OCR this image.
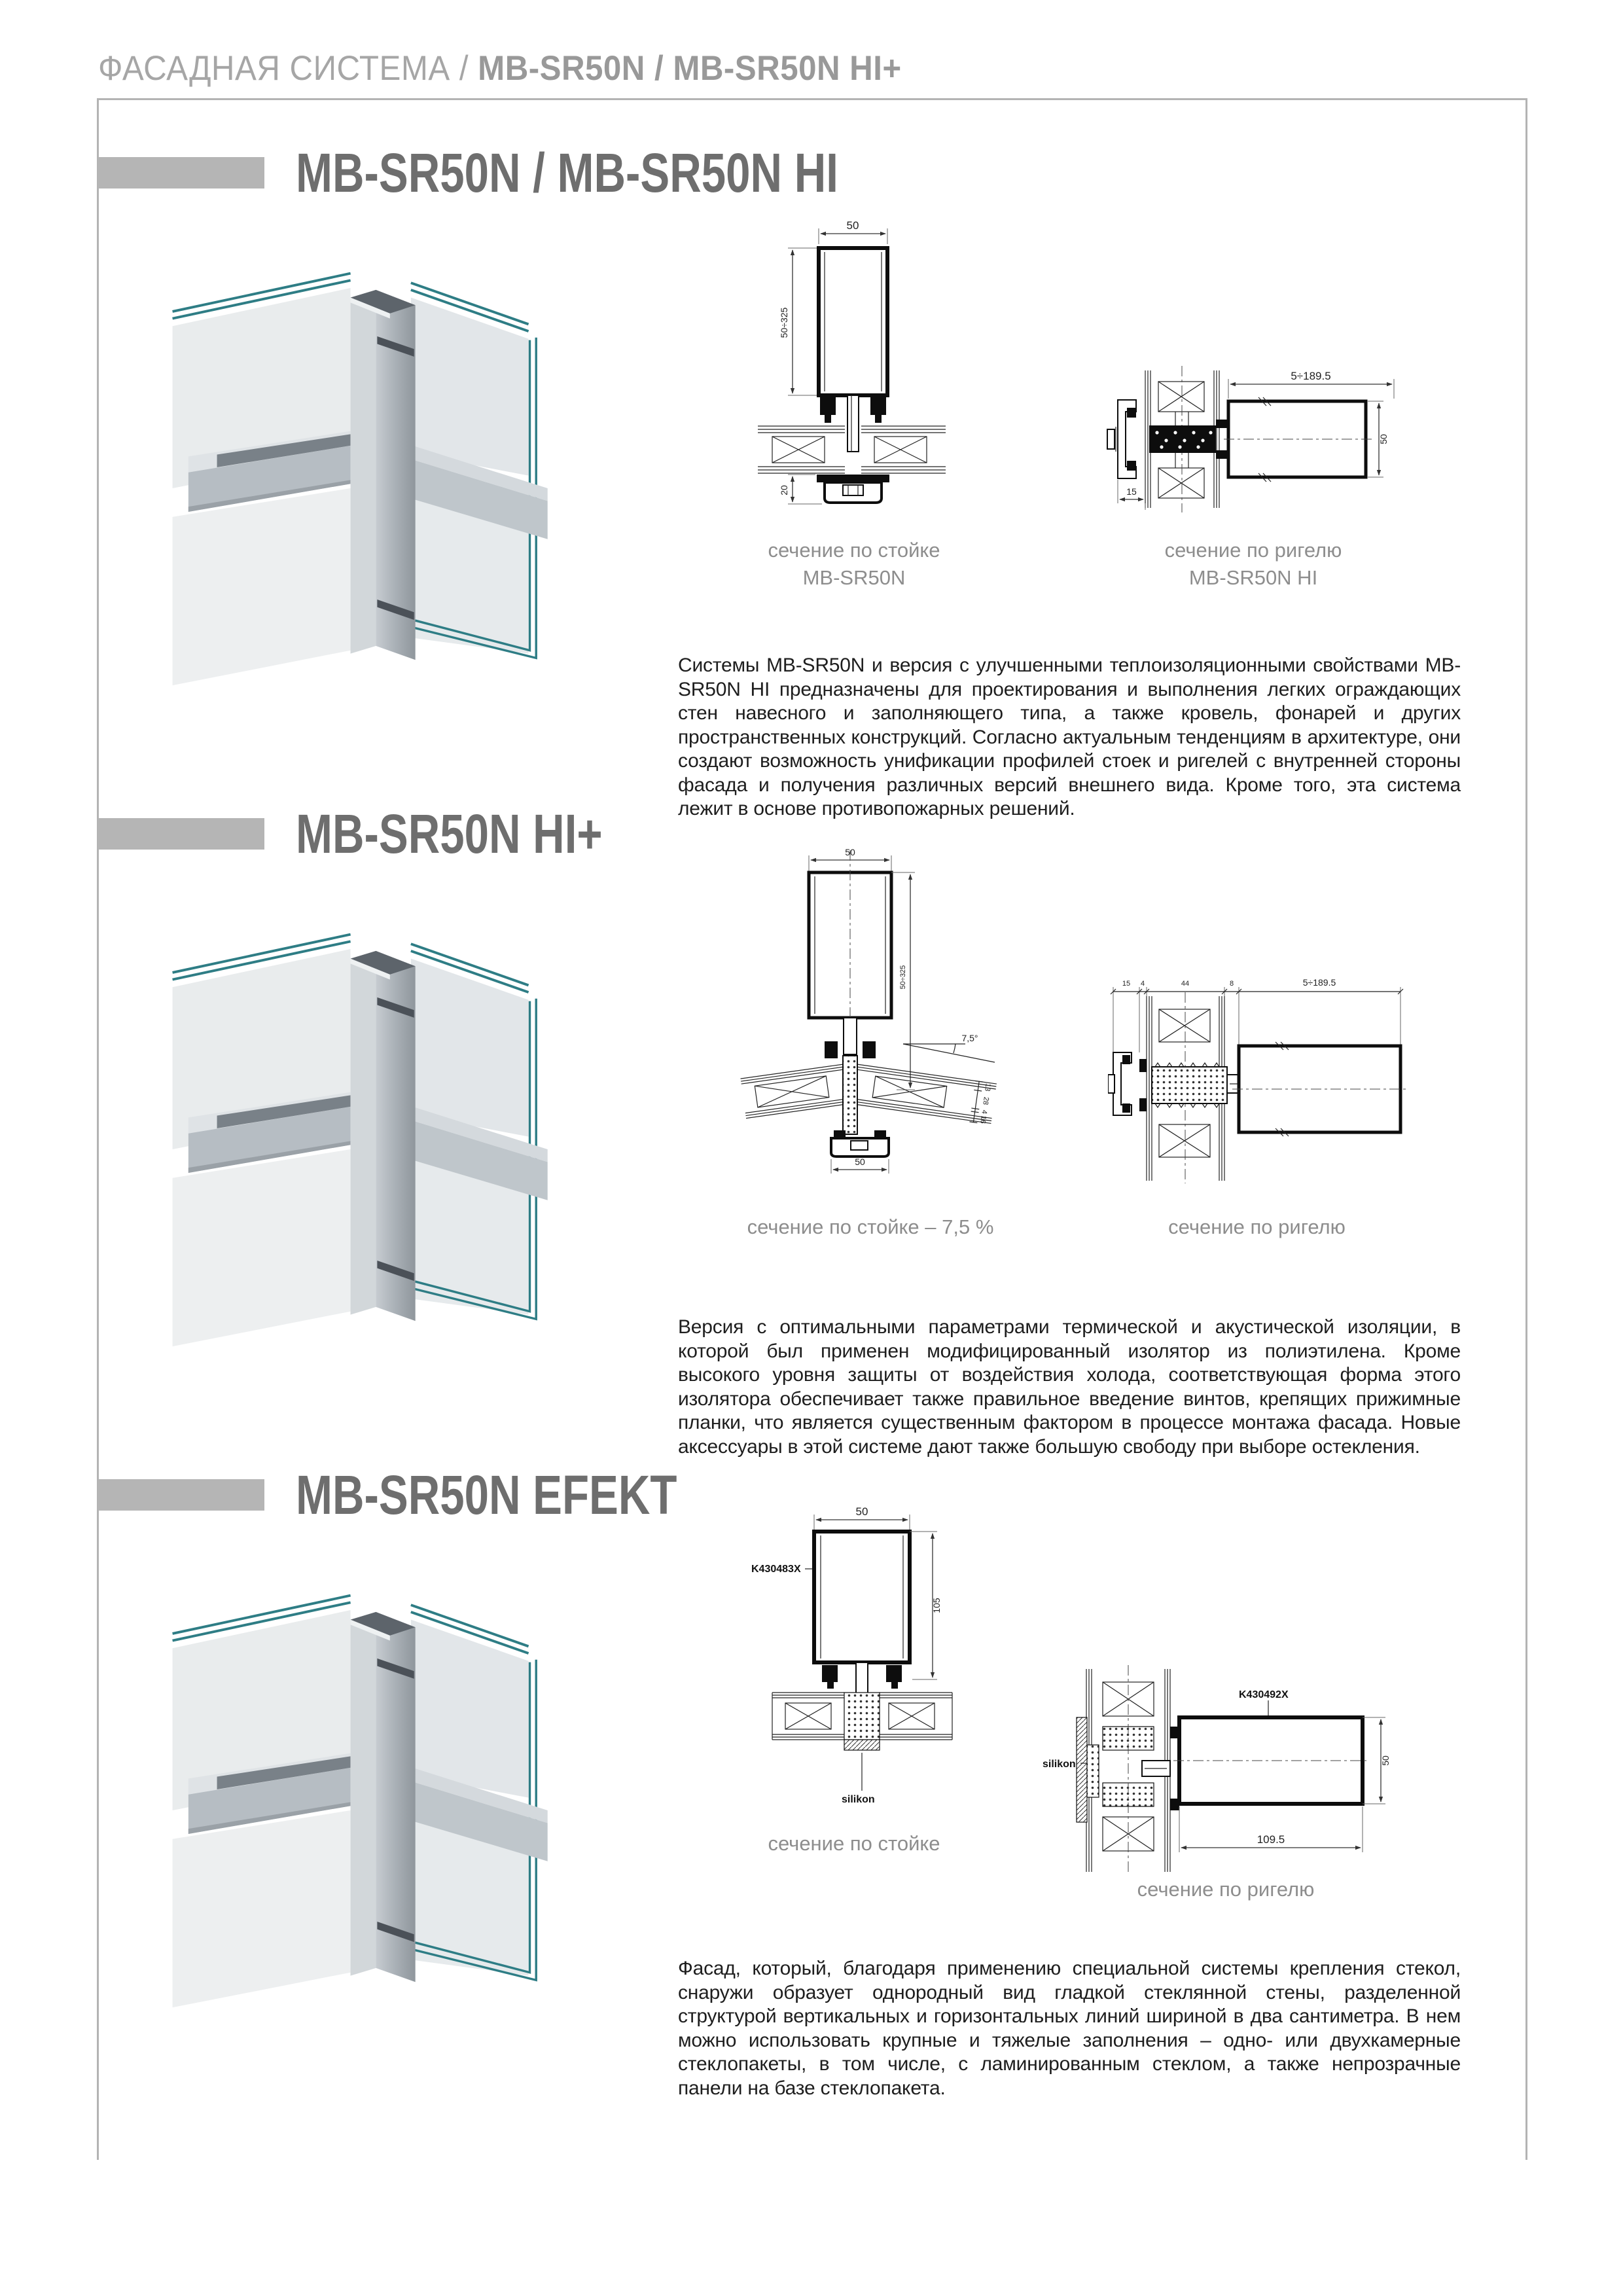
ФАСАДНАЯ СИСТЕМА / MB-SR50N / MB-SR50N HI+
MB-SR50N / MB-SR50N HI
50
50÷325
20
сечение по стойке
MB-SR50N
5÷189.5
50
15
сечение по ригелю
MB-SR50N HI
Системы MB-SR50N и версия с улучшенными теплоизоляционными свойствами MB-SR50N HI предназначены для проектирования и выполнения легких ограждающих стен навесного и заполняющего типа, а также кровель, фонарей и других пространственных конструкций. Согласно актуальным тенденциям в архитектуре, они создают возможность унификации профилей стоек и ригелей с внутренней стороны фасада и получения различных версий внешнего вида. Кроме того, эта система лежит в основе противопожарных решений.
MB-SR50N HI+	50
50÷325
50
7,5°
13
28
4
16
сечение по стойке – 7,5 %
15 4	44	8	5÷189.5
сечение по ригелю
Версия с оптимальными параметрами термической и акустической изоляции, в которой был применен модифицированный изолятор из полиэтилена. Кроме высокого уровня защиты от воздействия холода, соответствующая форма этого изолятора обеспечивает также правильное введение винтов, крепящих прижимные планки, что является существенным фактором в процессе монтажа фасада. Новые аксессуары в этой системе дают также большую свободу при выборе остекления.
MB-SR50N EFEKT	50
K430483X
105
silikon
сечение по стойке
silikon
K430492X
50
109.5
сечение по ригелю
Фасад, который, благодаря применению специальной системы крепления стекол, снаружи образует однородный вид гладкой стеклянной стены, разделенной структурой вертикальных и горизонтальных линий шириной в два сантиметра. В нем можно использовать крупные и тяжелые заполнения – одно- или двухкамерные стеклопакеты, в том числе, с ламинированным стеклом, а также непрозрачные панели на базе стеклопакета.
